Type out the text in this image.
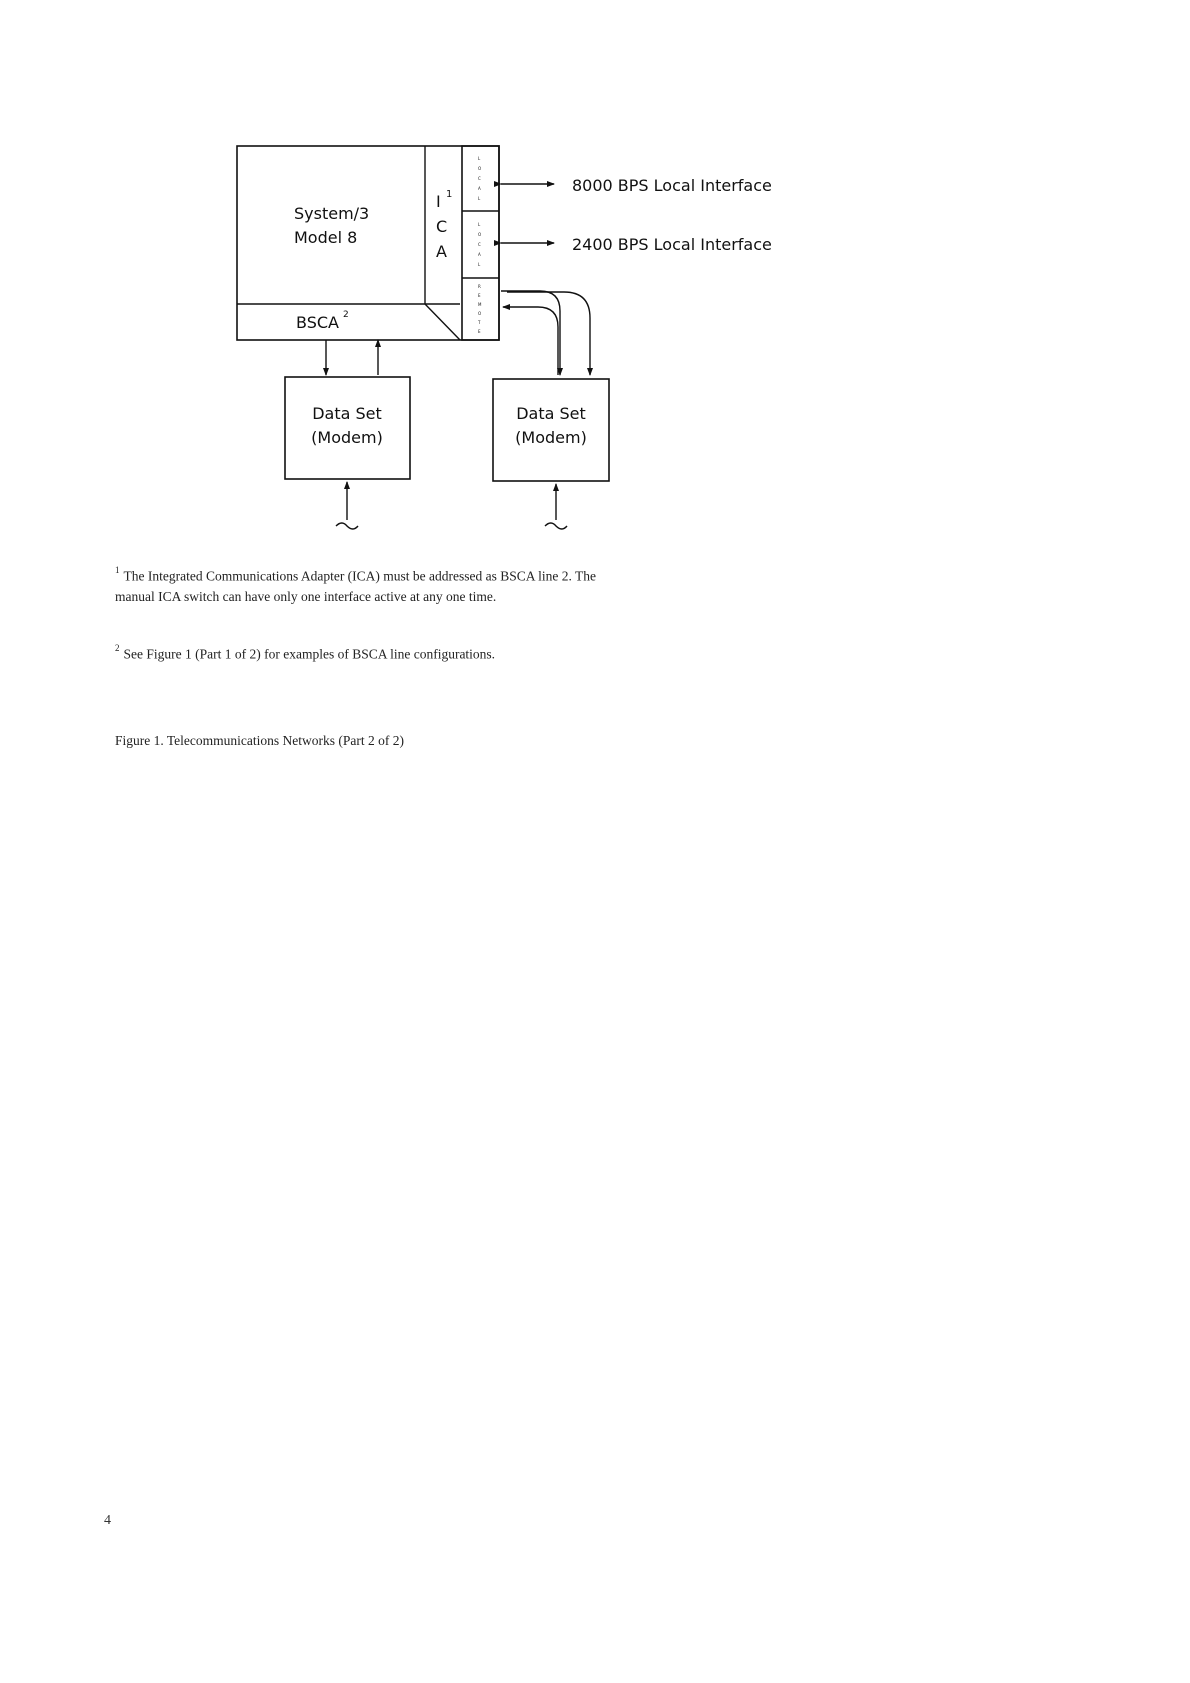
L
O
C
A
L
L
O
C
A
L
R
E
M
O
T
E
System/3
Model 8
I 1
C
A
BSCA 2
8000 BPS Local Interface
2400 BPS Local Interface
Data Set
(Modem)
Data Set
(Modem)
$^1$ The Integrated Communications Adapter (ICA) must be addressed as BSCA line 2. The manual ICA switch can have only one interface active at any one time.
$^2$ See Figure 1 (Part 1 of 2) for examples of BSCA line configurations.
Figure 1. Telecommunications Networks (Part 2 of 2)
4
